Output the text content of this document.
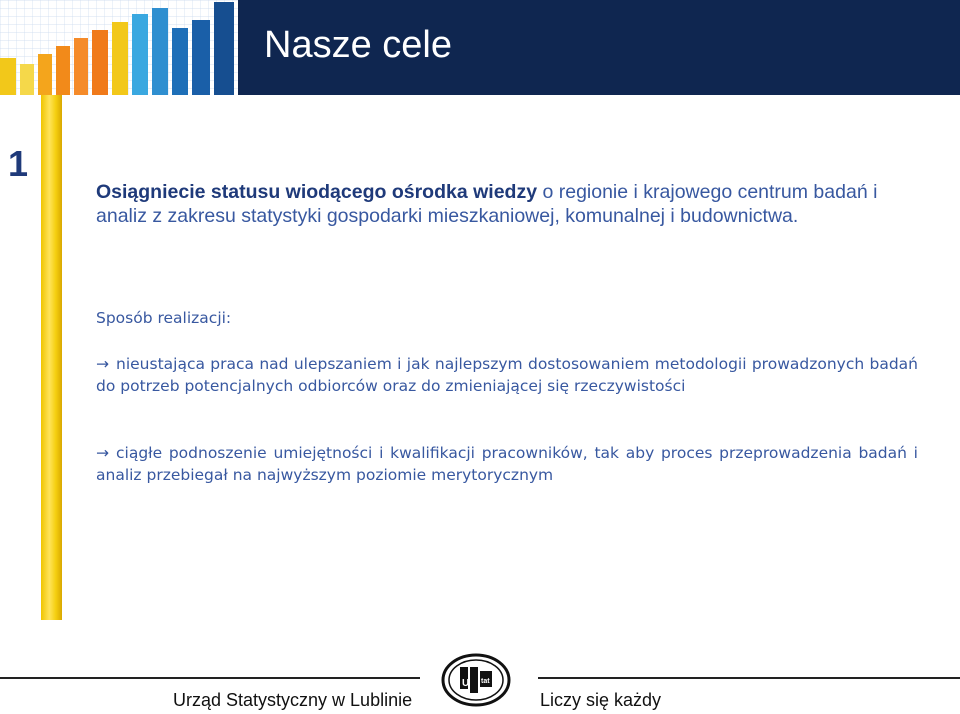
Nasze cele
1

Osiągniecie statusu wiodącego ośrodka wiedzy o regionie i krajowego centrum badań i analiz z zakresu statystyki gospodarki mieszkaniowej, komunalnej i budownictwa.

Sposób realizacji:
→ nieustająca praca nad ulepszaniem i jak najlepszym dostosowaniem metodologii prowadzonych badań do potrzeb potencjalnych odbiorców oraz do zmieniającej się rzeczywistości
→ ciągłe podnoszenie umiejętności i kwalifikacji pracowników, tak aby proces przeprowadzenia badań i analiz przebiegał na najwyższym poziomie merytorycznym
U tat
Urząd Statystyczny w Lublinie	Liczy się każdy
